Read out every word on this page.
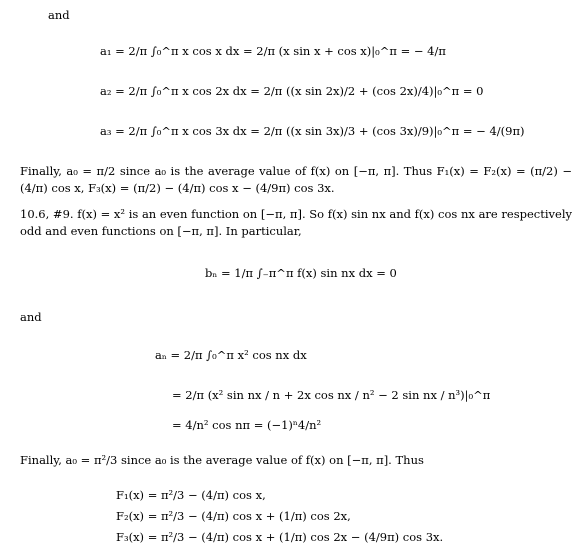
and
a₁ = 2/π ∫₀^π x cos x dx = 2/π (x sin x + cos x)|₀^π = − 4/π
a₂ = 2/π ∫₀^π x cos 2x dx = 2/π ((x sin 2x)/2 + (cos 2x)/4)|₀^π = 0
a₃ = 2/π ∫₀^π x cos 3x dx = 2/π ((x sin 3x)/3 + (cos 3x)/9)|₀^π = − 4/(9π)
Finally, a₀ = π/2 since a₀ is the average value of f(x) on [−π, π]. Thus F₁(x) = F₂(x) = (π/2) − (4/π) cos x, F₃(x) = (π/2) − (4/π) cos x − (4/9π) cos 3x.
10.6, #9. f(x) = x² is an even function on [−π, π]. So f(x) sin nx and f(x) cos nx are respectively odd and even functions on [−π, π]. In particular,
bₙ = 1/π ∫₋π^π f(x) sin nx dx = 0
and
aₙ = 2/π ∫₀^π x² cos nx dx
= 2/π (x² sin nx / n + 2x cos nx / n² − 2 sin nx / n³)|₀^π
= 4/n² cos nπ = (−1)ⁿ4/n²
Finally, a₀ = π²/3 since a₀ is the average value of f(x) on [−π, π]. Thus
F₁(x) = π²/3 − (4/π) cos x,
F₂(x) = π²/3 − (4/π) cos x + (1/π) cos 2x,
F₃(x) = π²/3 − (4/π) cos x + (1/π) cos 2x − (4/9π) cos 3x.
